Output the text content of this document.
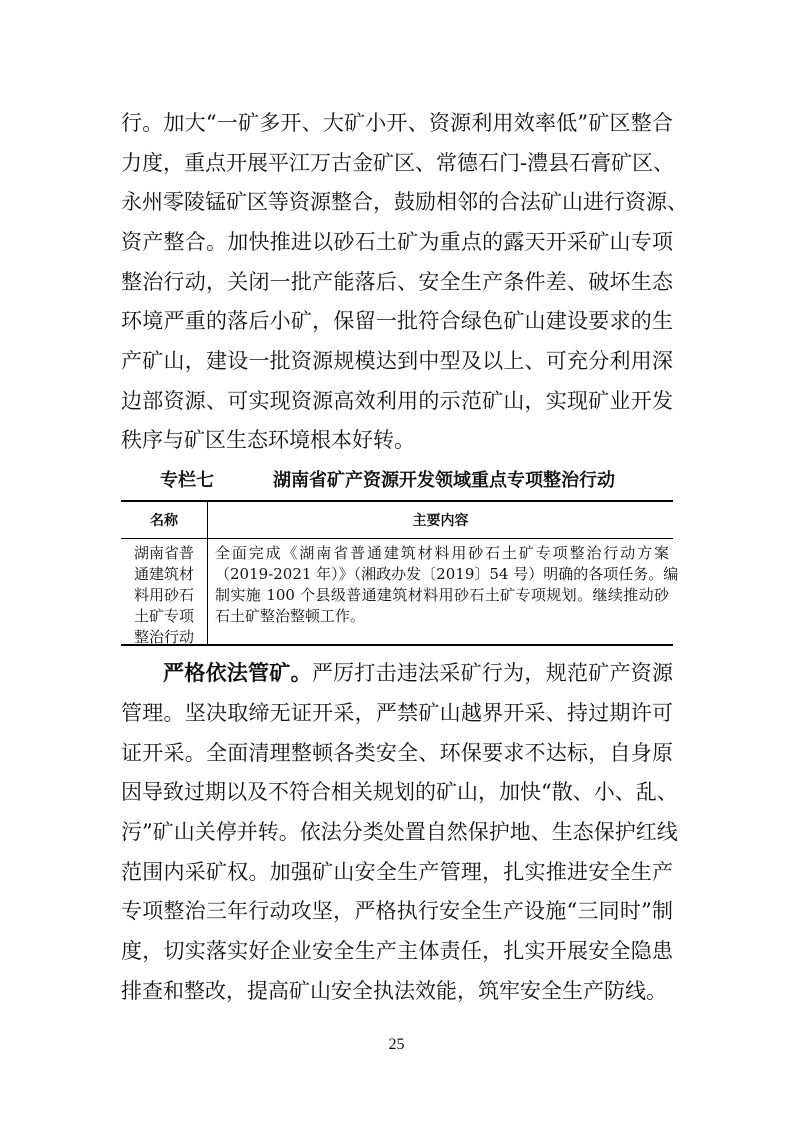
行。加大“一矿多开、大矿小开、资源利用效率低”矿区整合
力度，重点开展平江万古金矿区、常德石门-澧县石膏矿区、
永州零陵锰矿区等资源整合，鼓励相邻的合法矿山进行资源、
资产整合。加快推进以砂石土矿为重点的露天开采矿山专项
整治行动，关闭一批产能落后、安全生产条件差、破坏生态
环境严重的落后小矿，保留一批符合绿色矿山建设要求的生
产矿山，建设一批资源规模达到中型及以上、可充分利用深
边部资源、可实现资源高效利用的示范矿山，实现矿业开发
秩序与矿区生态环境根本好转。
专栏七	湖南省矿产资源开发领域重点专项整治行动
名称	主要内容
湖南省普
通建筑材
料用砂石
土矿专项
整治行动
全面完成《湖南省普通建筑材料用砂石土矿专项整治行动方案
（2019-2021 年）》（湘政办发〔2019〕54 号）明确的各项任务。编
制实施 100 个县级普通建筑材料用砂石土矿专项规划。继续推动砂
石土矿整治整顿工作。
严格依法管矿。严厉打击违法采矿行为，规范矿产资源
管理。坚决取缔无证开采，严禁矿山越界开采、持过期许可
证开采。全面清理整顿各类安全、环保要求不达标，自身原
因导致过期以及不符合相关规划的矿山，加快“散、小、乱、
污”矿山关停并转。依法分类处置自然保护地、生态保护红线
范围内采矿权。加强矿山安全生产管理，扎实推进安全生产
专项整治三年行动攻坚，严格执行安全生产设施“三同时”制
度，切实落实好企业安全生产主体责任，扎实开展安全隐患
排查和整改，提高矿山安全执法效能，筑牢安全生产防线。
25
